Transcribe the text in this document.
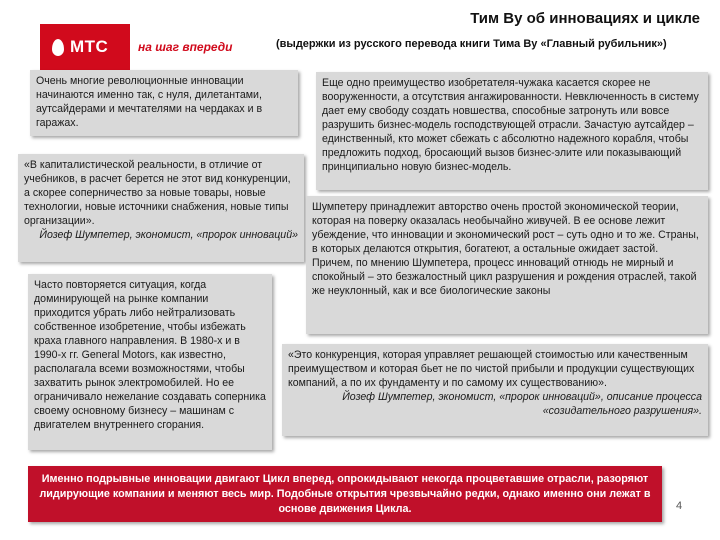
МТС на шаг впереди
Тим Ву об инновациях и цикле
(выдержки из русского перевода книги Тима Ву «Главный рубильник»)

Очень многие революционные инновации начинаются именно так, с нуля, дилетантами, аутсайдерами и мечтателями на чердаках и в гаражах.

«В капиталистической реальности, в отличие от учебников, в расчет берется не этот вид конкуренции, а скорее соперничество за новые товары, новые технологии, новые источники снабжения, новые типы организации».

Йозеф Шумпетер, экономист, «пророк инноваций»

Часто повторяется ситуация, когда доминирующей на рынке компании приходится убрать либо нейтрализовать собственное изобретение, чтобы избежать краха главного направления. В 1980-х и в 1990-х гг. General Motors, как известно, располагала всеми возможностями, чтобы захватить рынок электромобилей. Но ее ограничивало нежелание создавать соперника своему основному бизнесу – машинам с двигателем внутреннего сгорания.

Еще одно преимущество изобретателя-чужака касается скорее не вооруженности, а отсутствия ангажированности. Невключенность в систему дает ему свободу создать новшества, способные затронуть или вовсе разрушить бизнес-модель господствующей отрасли. Зачастую аутсайдер – единственный, кто может сбежать с абсолютно надежного корабля, чтобы предложить подход, бросающий вызов бизнес-элите или показывающий принципиально новую бизнес-модель.

Шумпетеру принадлежит авторство очень простой экономической теории, которая на поверку оказалась необычайно живучей. В ее основе лежит убеждение, что инновации и экономический рост – суть одно и то же. Страны, в которых делаются открытия, богатеют, а остальные ожидает застой. Причем, по мнению Шумпетера, процесс инноваций отнюдь не мирный и спокойный – это безжалостный цикл разрушения и рождения отраслей, такой же неуклонный, как и все биологические законы

«Это конкуренция, которая управляет решающей стоимостью или качественным преимуществом и которая бьет не по чистой прибыли и продукции существующих компаний, а по их фундаменту и по самому их существованию».

Йозеф Шумпетер, экономист, «пророк инноваций», описание процесса «созидательного разрушения».

Именно подрывные инновации двигают Цикл вперед, опрокидывают некогда процветавшие отрасли, разоряют лидирующие компании и меняют весь мир. Подобные открытия чрезвычайно редки, однако именно они лежат в основе движения Цикла.	4
